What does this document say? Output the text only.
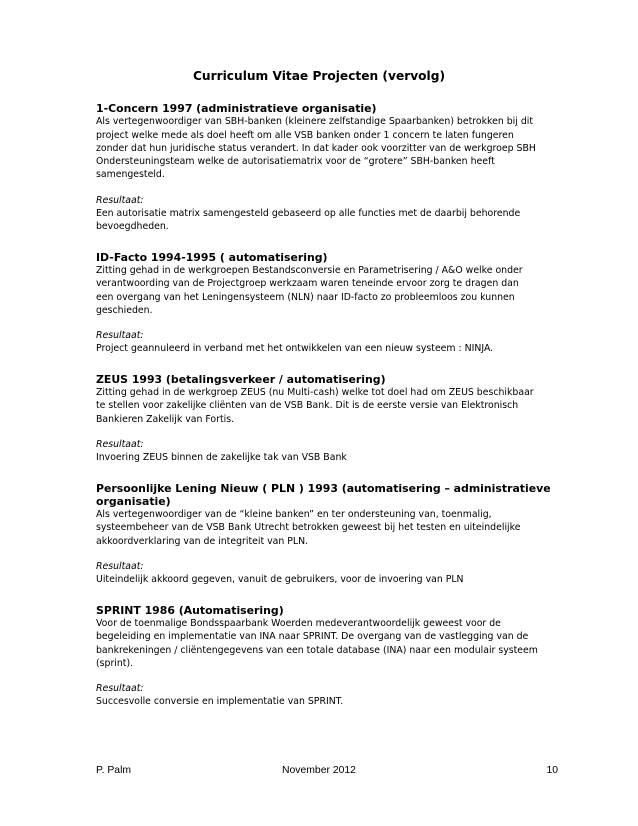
Curriculum Vitae Projecten (vervolg)
1-Concern 1997 (administratieve organisatie)
Als vertegenwoordiger van SBH-banken (kleinere zelfstandige Spaarbanken) betrokken bij dit
project welke mede als doel heeft om alle VSB banken onder 1 concern te laten fungeren
zonder dat hun juridische status verandert. In dat kader ook voorzitter van de werkgroep SBH
Ondersteuningsteam welke de autorisatiematrix voor de “grotere” SBH-banken heeft
samengesteld.
Resultaat:
Een autorisatie matrix samengesteld gebaseerd op alle functies met de daarbij behorende
bevoegdheden.
ID-Facto 1994-1995 ( automatisering)
Zitting gehad in de werkgroepen Bestandsconversie en Parametrisering / A&O welke onder
verantwoording van de Projectgroep werkzaam waren teneinde ervoor zorg te dragen dan
een overgang van het Leningensysteem (NLN) naar ID-facto zo probleemloos zou kunnen
geschieden.
Resultaat:
Project geannuleerd in verband met het ontwikkelen van een nieuw systeem : NINJA.
ZEUS 1993 (betalingsverkeer / automatisering)
Zitting gehad in de werkgroep ZEUS (nu Multi-cash) welke tot doel had om ZEUS beschikbaar
te stellen voor zakelijke cliënten van de VSB Bank. Dit is de eerste versie van Elektronisch
Bankieren Zakelijk van Fortis.
Resultaat:
Invoering ZEUS binnen de zakelijke tak van VSB Bank
Persoonlijke Lening Nieuw ( PLN ) 1993 (automatisering – administratieve
organisatie)
Als vertegenwoordiger van de “kleine banken” en ter ondersteuning van, toenmalig,
systeembeheer van de VSB Bank Utrecht betrokken geweest bij het testen en uiteindelijke
akkoordverklaring van de integriteit van PLN.
Resultaat:
Uiteindelijk akkoord gegeven, vanuit de gebruikers, voor de invoering van PLN
SPRINT 1986 (Automatisering)
Voor de toenmalige Bondsspaarbank Woerden medeverantwoordelijk geweest voor de
begeleiding en implementatie van INA naar SPRINT. De overgang van de vastlegging van de
bankrekeningen / cliëntengegevens van een totale database (INA) naar een modulair systeem
(sprint).
Resultaat:
Succesvolle conversie en implementatie van SPRINT.
P. Palm	November 2012	10
